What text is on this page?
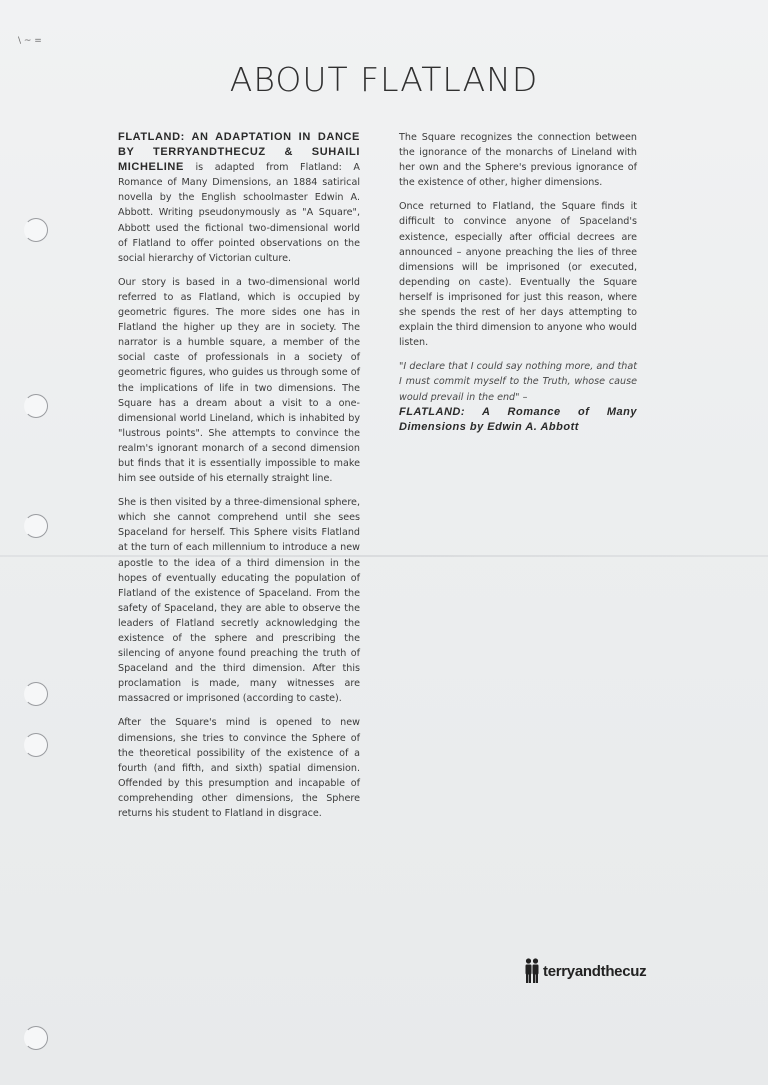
\ ~ =
ABOUT FLATLAND

FLATLAND: AN ADAPTATION IN DANCE BY TERRYANDTHECUZ & SUHAILI MICHELINE is adapted from Flatland: A Romance of Many Dimensions, an 1884 satirical novella by the English schoolmaster Edwin A. Abbott. Writing pseudonymously as "A Square", Abbott used the fictional two-dimensional world of Flatland to offer pointed observations on the social hierarchy of Victorian culture.

Our story is based in a two-dimensional world referred to as Flatland, which is occupied by geometric figures. The more sides one has in Flatland the higher up they are in society. The narrator is a humble square, a member of the social caste of professionals in a society of geometric figures, who guides us through some of the implications of life in two dimensions. The Square has a dream about a visit to a one-dimensional world Lineland, which is inhabited by "lustrous points". She attempts to convince the realm's ignorant monarch of a second dimension but finds that it is essentially impossible to make him see outside of his eternally straight line.

She is then visited by a three-dimensional sphere, which she cannot comprehend until she sees Spaceland for herself. This Sphere visits Flatland at the turn of each millennium to introduce a new apostle to the idea of a third dimension in the hopes of eventually educating the population of Flatland of the existence of Spaceland. From the safety of Spaceland, they are able to observe the leaders of Flatland secretly acknowledging the existence of the sphere and prescribing the silencing of anyone found preaching the truth of Spaceland and the third dimension. After this proclamation is made, many witnesses are massacred or imprisoned (according to caste).

After the Square's mind is opened to new dimensions, she tries to convince the Sphere of the theoretical possibility of the existence of a fourth (and fifth, and sixth) spatial dimension. Offended by this presumption and incapable of comprehending other dimensions, the Sphere returns his student to Flatland in disgrace.

The Square recognizes the connection between the ignorance of the monarchs of Lineland with her own and the Sphere's previous ignorance of the existence of other, higher dimensions.

Once returned to Flatland, the Square finds it difficult to convince anyone of Spaceland's existence, especially after official decrees are announced – anyone preaching the lies of three dimensions will be imprisoned (or executed, depending on caste). Eventually the Square herself is imprisoned for just this reason, where she spends the rest of her days attempting to explain the third dimension to anyone who would listen.

"I declare that I could say nothing more, and that I must commit myself to the Truth, whose cause would prevail in the end" –
FLATLAND: A Romance of Many Dimensions by Edwin A. Abbott

terryandthecuz
